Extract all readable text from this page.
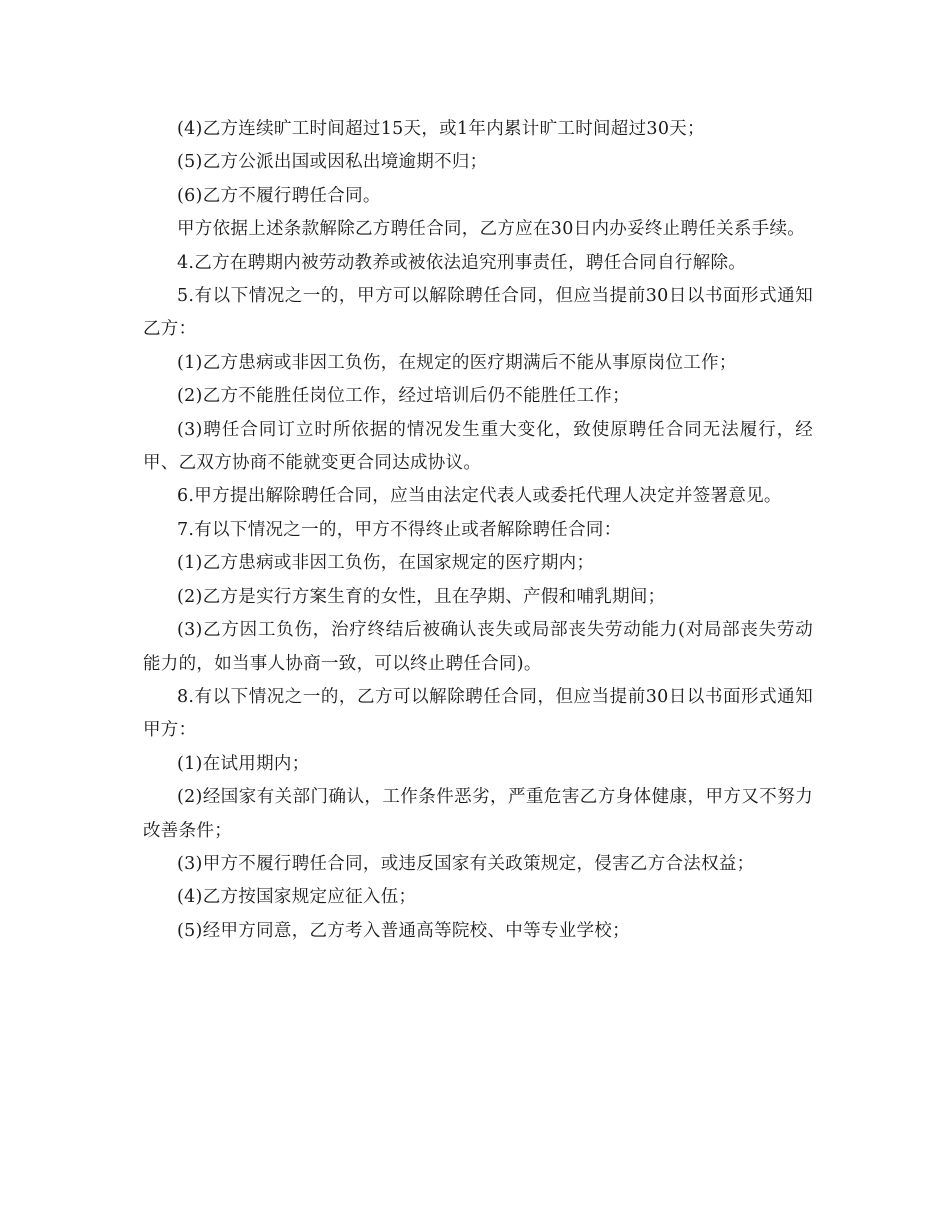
(4)乙方连续旷工时间超过15天，或1年内累计旷工时间超过30天；

(5)乙方公派出国或因私出境逾期不归；

(6)乙方不履行聘任合同。

甲方依据上述条款解除乙方聘任合同，乙方应在30日内办妥终止聘任关系手续。

4.乙方在聘期内被劳动教养或被依法追究刑事责任，聘任合同自行解除。

5.有以下情况之一的，甲方可以解除聘任合同，但应当提前30日以书面形式通知乙方：

(1)乙方患病或非因工负伤，在规定的医疗期满后不能从事原岗位工作；

(2)乙方不能胜任岗位工作，经过培训后仍不能胜任工作；

(3)聘任合同订立时所依据的情况发生重大变化，致使原聘任合同无法履行，经甲、乙双方协商不能就变更合同达成协议。

6.甲方提出解除聘任合同，应当由法定代表人或委托代理人决定并签署意见。

7.有以下情况之一的，甲方不得终止或者解除聘任合同：

(1)乙方患病或非因工负伤，在国家规定的医疗期内；

(2)乙方是实行方案生育的女性，且在孕期、产假和哺乳期间；

(3)乙方因工负伤，治疗终结后被确认丧失或局部丧失劳动能力(对局部丧失劳动能力的，如当事人协商一致，可以终止聘任合同)。

8.有以下情况之一的，乙方可以解除聘任合同，但应当提前30日以书面形式通知甲方：

(1)在试用期内；

(2)经国家有关部门确认，工作条件恶劣，严重危害乙方身体健康，甲方又不努力改善条件；

(3)甲方不履行聘任合同，或违反国家有关政策规定，侵害乙方合法权益；

(4)乙方按国家规定应征入伍；

(5)经甲方同意，乙方考入普通高等院校、中等专业学校；
